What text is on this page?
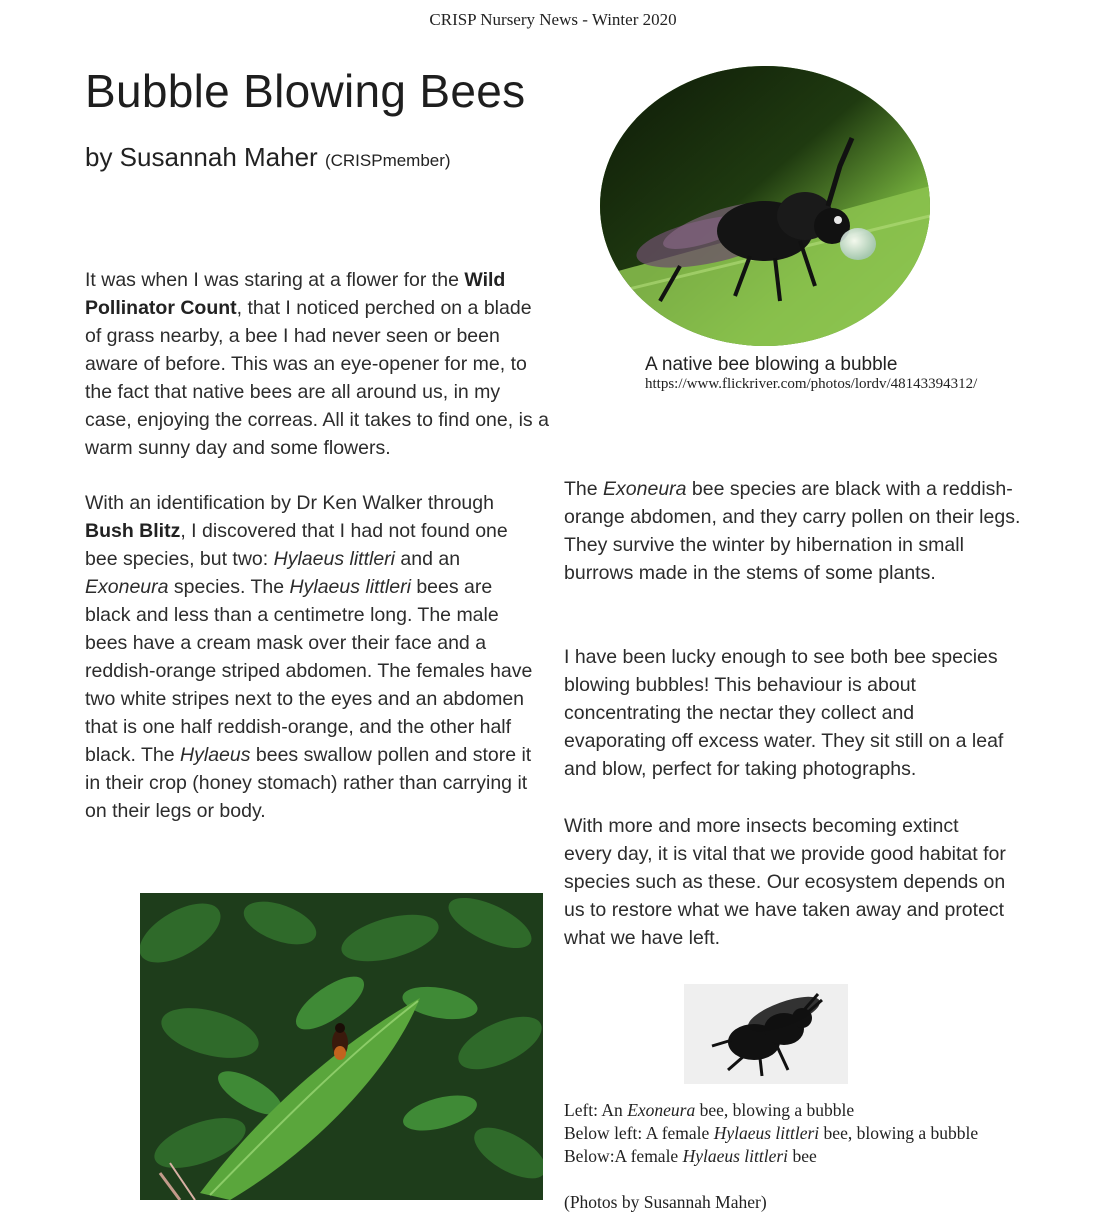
CRISP Nursery News - Winter 2020
Bubble Blowing Bees
by Susannah Maher (CRISPmember)

It was when I was staring at a flower for the Wild Pollinator Count, that I noticed perched on a blade of grass nearby, a bee I had never seen or been aware of before. This was an eye-opener for me, to the fact that native bees are all around us, in my case, enjoying the correas. All it takes to find one, is a warm sunny day and some flowers.

With an identification by Dr Ken Walker through Bush Blitz, I discovered that I had not found one bee species, but two: Hylaeus littleri and an Exoneura species. The Hylaeus littleri bees are black and less than a centimetre long. The male bees have a cream mask over their face and a reddish-orange striped abdomen. The females have two white stripes next to the eyes and an abdomen that is one half reddish-orange, and the other half black. The Hylaeus bees swallow pollen and store it in their crop (honey stomach) rather than carrying it on their legs or body.

A native bee blowing a bubble
https://www.flickriver.com/photos/lordv/48143394312/

The Exoneura bee species are black with a reddish-orange abdomen, and they carry pollen on their legs. They survive the winter by hibernation in small burrows made in the stems of some plants.

I have been lucky enough to see both bee species blowing bubbles! This behaviour is about concentrating the nectar they collect and evaporating off excess water. They sit still on a leaf and blow, perfect for taking photographs.

With more and more insects becoming extinct every day, it is vital that we provide good habitat for species such as these. Our ecosystem depends on us to restore what we have taken away and protect what we have left.

Left: An Exoneura bee, blowing a bubble
Below left: A female Hylaeus littleri bee, blowing a bubble
Below:A female Hylaeus littleri bee
(Photos by Susannah Maher)
